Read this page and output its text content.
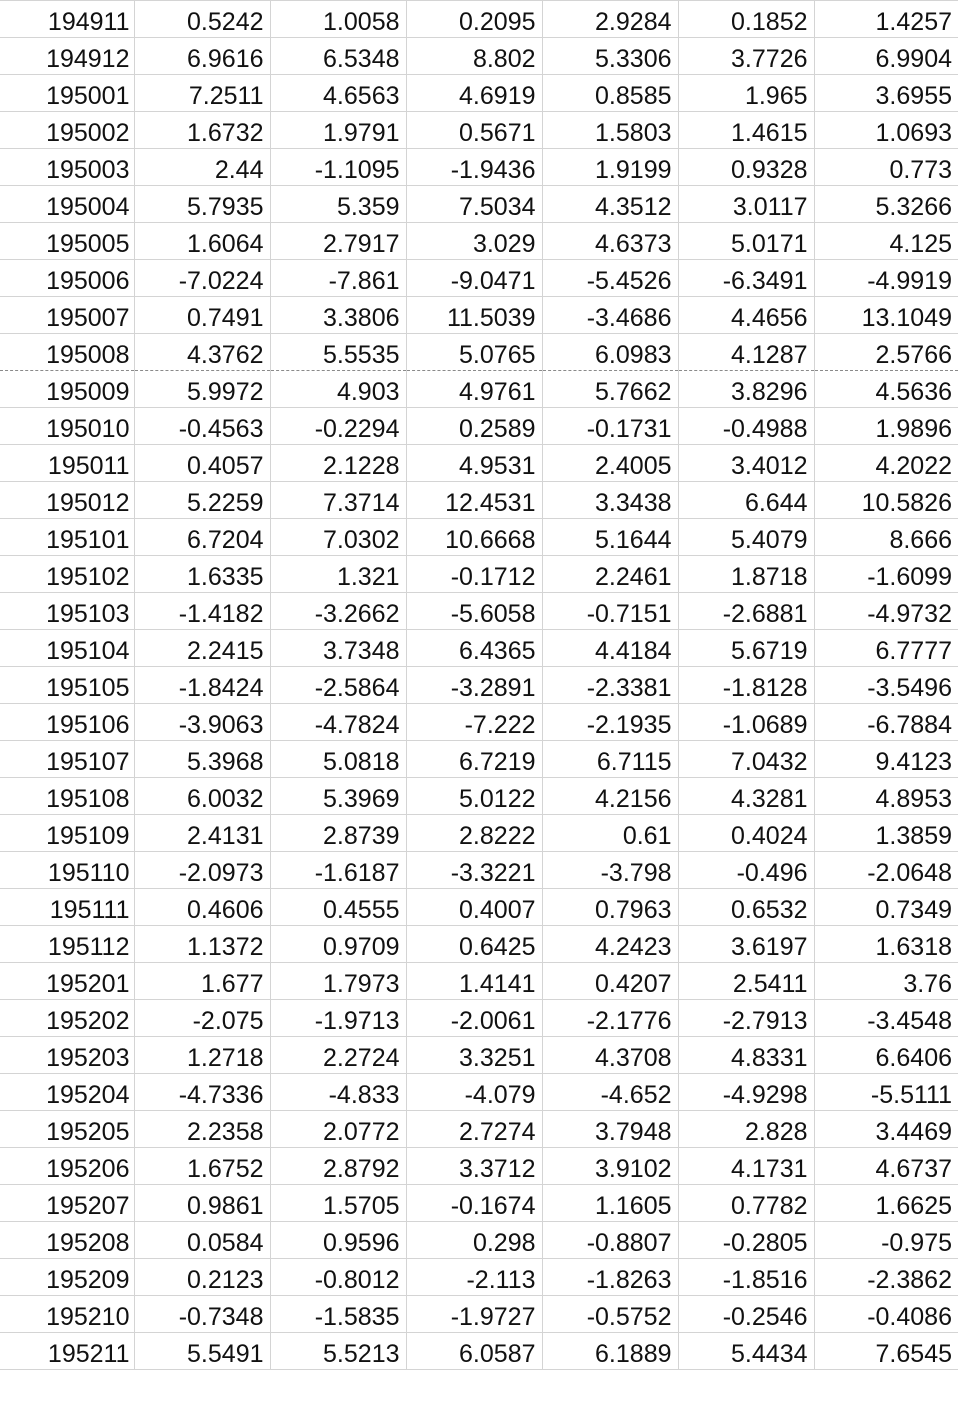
194911	0.5242	1.0058	0.2095	2.9284	0.1852	1.4257
194912	6.9616	6.5348	8.802	5.3306	3.7726	6.9904
195001	7.2511	4.6563	4.6919	0.8585	1.965	3.6955
195002	1.6732	1.9791	0.5671	1.5803	1.4615	1.0693
195003	2.44	-1.1095	-1.9436	1.9199	0.9328	0.773
195004	5.7935	5.359	7.5034	4.3512	3.0117	5.3266
195005	1.6064	2.7917	3.029	4.6373	5.0171	4.125
195006	-7.0224	-7.861	-9.0471	-5.4526	-6.3491	-4.9919
195007	0.7491	3.3806	11.5039	-3.4686	4.4656	13.1049
195008	4.3762	5.5535	5.0765	6.0983	4.1287	2.5766
195009	5.9972	4.903	4.9761	5.7662	3.8296	4.5636
195010	-0.4563	-0.2294	0.2589	-0.1731	-0.4988	1.9896
195011	0.4057	2.1228	4.9531	2.4005	3.4012	4.2022
195012	5.2259	7.3714	12.4531	3.3438	6.644	10.5826
195101	6.7204	7.0302	10.6668	5.1644	5.4079	8.666
195102	1.6335	1.321	-0.1712	2.2461	1.8718	-1.6099
195103	-1.4182	-3.2662	-5.6058	-0.7151	-2.6881	-4.9732
195104	2.2415	3.7348	6.4365	4.4184	5.6719	6.7777
195105	-1.8424	-2.5864	-3.2891	-2.3381	-1.8128	-3.5496
195106	-3.9063	-4.7824	-7.222	-2.1935	-1.0689	-6.7884
195107	5.3968	5.0818	6.7219	6.7115	7.0432	9.4123
195108	6.0032	5.3969	5.0122	4.2156	4.3281	4.8953
195109	2.4131	2.8739	2.8222	0.61	0.4024	1.3859
195110	-2.0973	-1.6187	-3.3221	-3.798	-0.496	-2.0648
195111	0.4606	0.4555	0.4007	0.7963	0.6532	0.7349
195112	1.1372	0.9709	0.6425	4.2423	3.6197	1.6318
195201	1.677	1.7973	1.4141	0.4207	2.5411	3.76
195202	-2.075	-1.9713	-2.0061	-2.1776	-2.7913	-3.4548
195203	1.2718	2.2724	3.3251	4.3708	4.8331	6.6406
195204	-4.7336	-4.833	-4.079	-4.652	-4.9298	-5.5111
195205	2.2358	2.0772	2.7274	3.7948	2.828	3.4469
195206	1.6752	2.8792	3.3712	3.9102	4.1731	4.6737
195207	0.9861	1.5705	-0.1674	1.1605	0.7782	1.6625
195208	0.0584	0.9596	0.298	-0.8807	-0.2805	-0.975
195209	0.2123	-0.8012	-2.113	-1.8263	-1.8516	-2.3862
195210	-0.7348	-1.5835	-1.9727	-0.5752	-0.2546	-0.4086
195211	5.5491	5.5213	6.0587	6.1889	5.4434	7.6545
